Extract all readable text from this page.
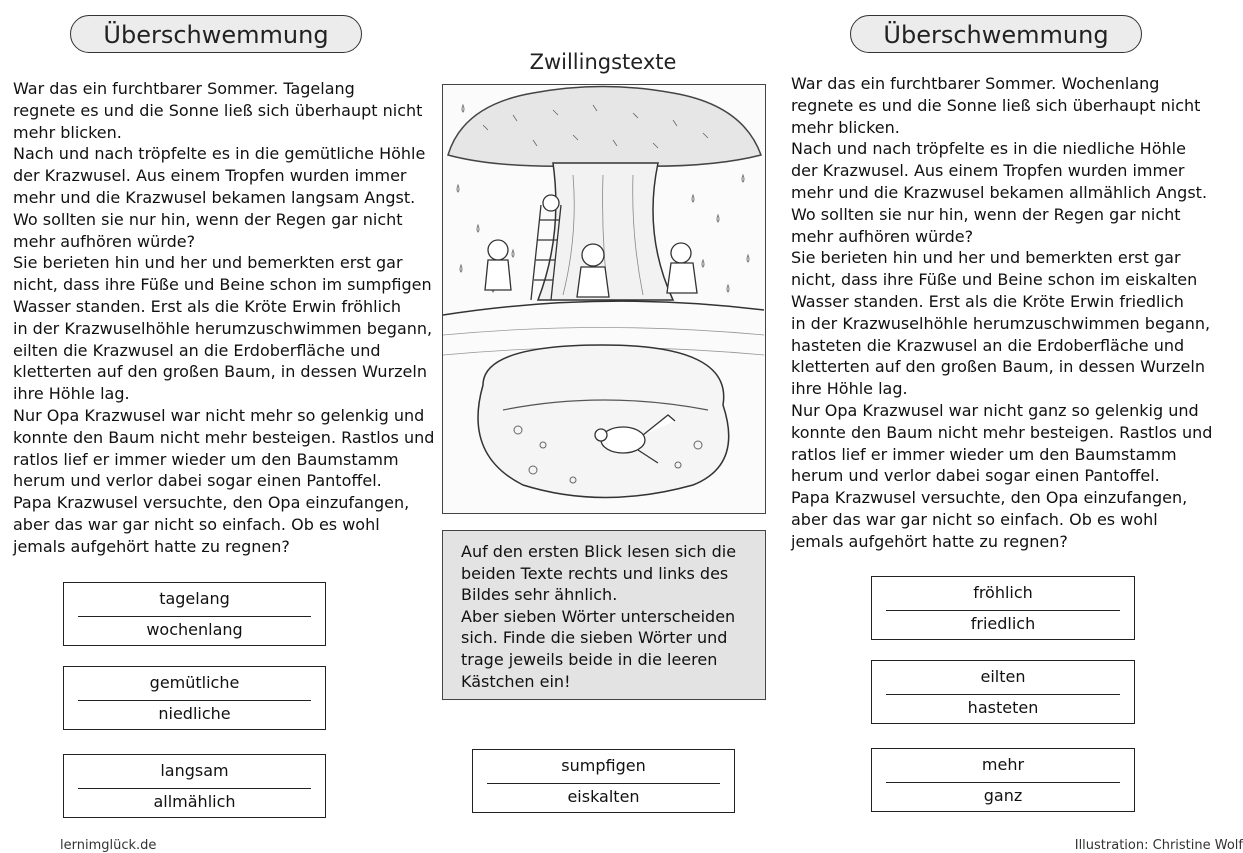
Überschwemmung
Zwillingstexte
Überschwemmung

War das ein furchtbarer Sommer. Tagelang
regnete es und die Sonne ließ sich überhaupt nicht
mehr blicken.

Nach und nach tröpfelte es in die gemütliche Höhle
der Krazwusel. Aus einem Tropfen wurden immer
mehr und die Krazwusel bekamen langsam Angst.
Wo sollten sie nur hin, wenn der Regen gar nicht
mehr aufhören würde?

Sie berieten hin und her und bemerkten erst gar
nicht, dass ihre Füße und Beine schon im sumpfigen
Wasser standen. Erst als die Kröte Erwin fröhlich
in der Krazwuselhöhle herumzuschwimmen begann,
eilten die Krazwusel an die Erdoberfläche und
kletterten auf den großen Baum, in dessen Wurzeln
ihre Höhle lag.

Nur Opa Krazwusel war nicht mehr so gelenkig und
konnte den Baum nicht mehr besteigen. Rastlos und
ratlos lief er immer wieder um den Baumstamm
herum und verlor dabei sogar einen Pantoffel.
Papa Krazwusel versuchte, den Opa einzufangen,
aber das war gar nicht so einfach. Ob es wohl
jemals aufgehört hatte zu regnen?

War das ein furchtbarer Sommer. Wochenlang
regnete es und die Sonne ließ sich überhaupt nicht
mehr blicken.

Nach und nach tröpfelte es in die niedliche Höhle
der Krazwusel. Aus einem Tropfen wurden immer
mehr und die Krazwusel bekamen allmählich Angst.
Wo sollten sie nur hin, wenn der Regen gar nicht
mehr aufhören würde?

Sie berieten hin und her und bemerkten erst gar
nicht, dass ihre Füße und Beine schon im eiskalten
Wasser standen. Erst als die Kröte Erwin friedlich
in der Krazwuselhöhle herumzuschwimmen begann,
hasteten die Krazwusel an die Erdoberfläche und
kletterten auf den großen Baum, in dessen Wurzeln
ihre Höhle lag.

Nur Opa Krazwusel war nicht ganz so gelenkig und
konnte den Baum nicht mehr besteigen. Rastlos und
ratlos lief er immer wieder um den Baumstamm
herum und verlor dabei sogar einen Pantoffel.
Papa Krazwusel versuchte, den Opa einzufangen,
aber das war gar nicht so einfach. Ob es wohl
jemals aufgehört hatte zu regnen?

Auf den ersten Blick lesen sich die
beiden Texte rechts und links des
Bildes sehr ähnlich.

Aber sieben Wörter unterscheiden
sich. Finde die sieben Wörter und
trage jeweils beide in die leeren
Kästchen ein!

tagelang
wochenlang
gemütliche
niedliche
langsam
allmählich
sumpfigen
eiskalten
fröhlich
friedlich
eilten
hasteten
mehr
ganz
lernimglück.de	Illustration: Christine Wolf
